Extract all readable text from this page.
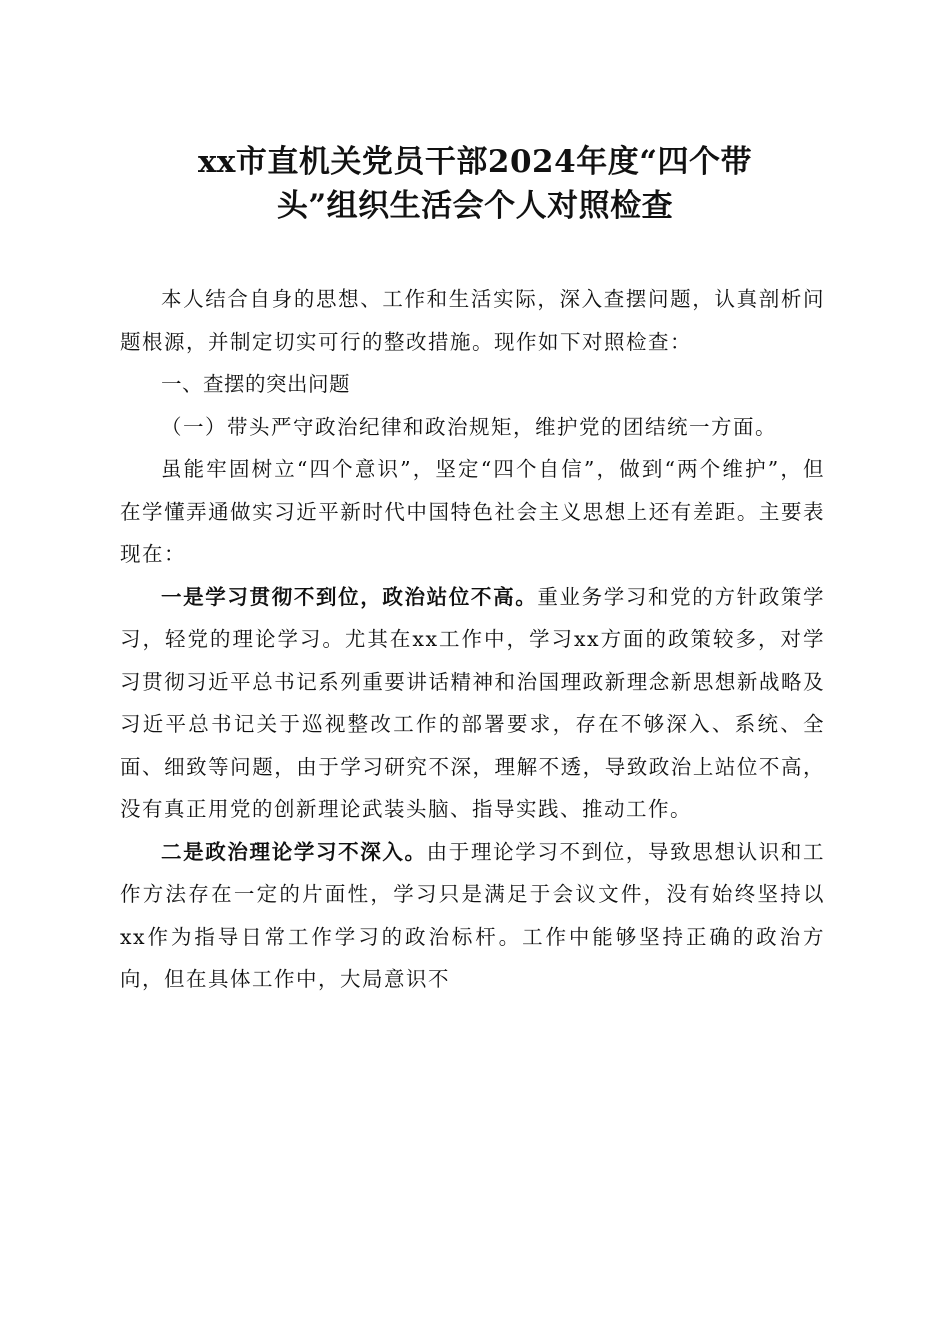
xx市直机关党员干部2024年度“四个带
头”组织生活会个人对照检查

本人结合自身的思想、工作和生活实际，深入查摆问题，认真剖析问题根源，并制定切实可行的整改措施。现作如下对照检查：

一、查摆的突出问题

（一）带头严守政治纪律和政治规矩，维护党的团结统一方面。

虽能牢固树立“四个意识”，坚定“四个自信”，做到“两个维护”，但在学懂弄通做实习近平新时代中国特色社会主义思想上还有差距。主要表现在：

一是学习贯彻不到位，政治站位不高。重业务学习和党的方针政策学习，轻党的理论学习。尤其在xx工作中，学习xx方面的政策较多，对学习贯彻习近平总书记系列重要讲话精神和治国理政新理念新思想新战略及习近平总书记关于巡视整改工作的部署要求，存在不够深入、系统、全面、细致等问题，由于学习研究不深，理解不透，导致政治上站位不高，没有真正用党的创新理论武装头脑、指导实践、推动工作。

二是政治理论学习不深入。由于理论学习不到位，导致思想认识和工作方法存在一定的片面性，学习只是满足于会议文件，没有始终坚持以xx作为指导日常工作学习的政治标杆。工作中能够坚持正确的政治方向，但在具体工作中，大局意识不
